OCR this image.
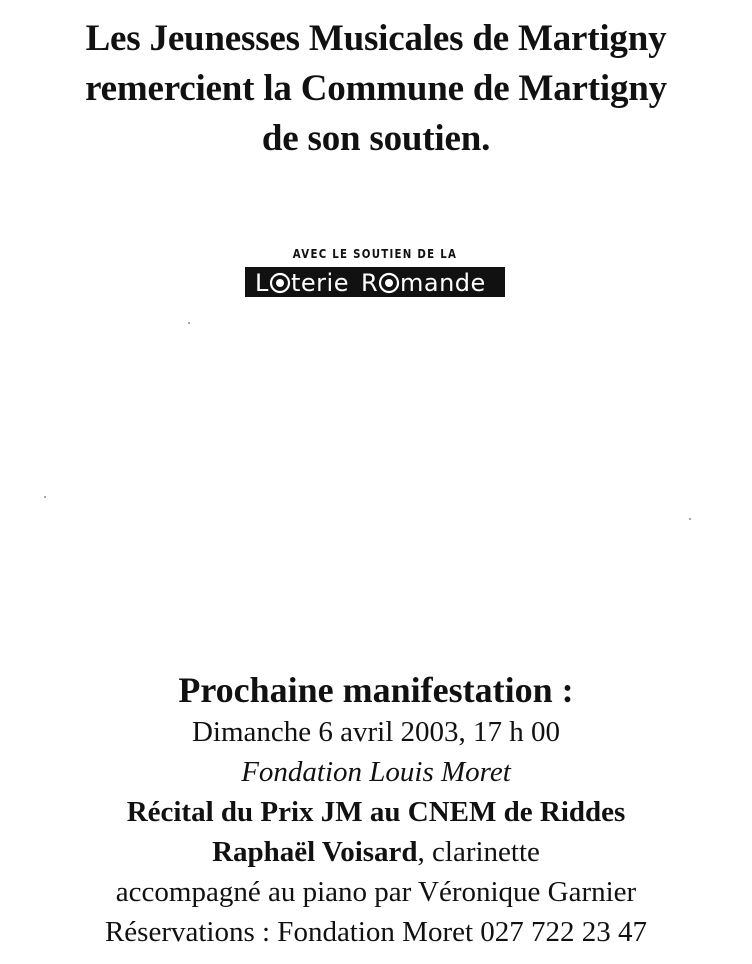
Les Jeunesses Musicales de Martigny
remercient la Commune de Martigny
de son soutien.
AVEC LE SOUTIEN DE LA
L terie R mande
Prochaine manifestation :
Dimanche 6 avril 2003, 17 h 00
Fondation Louis Moret
Récital du Prix JM au CNEM de Riddes
Raphaël Voisard, clarinette
accompagné au piano par Véronique Garnier
Réservations : Fondation Moret 027 722 23 47
